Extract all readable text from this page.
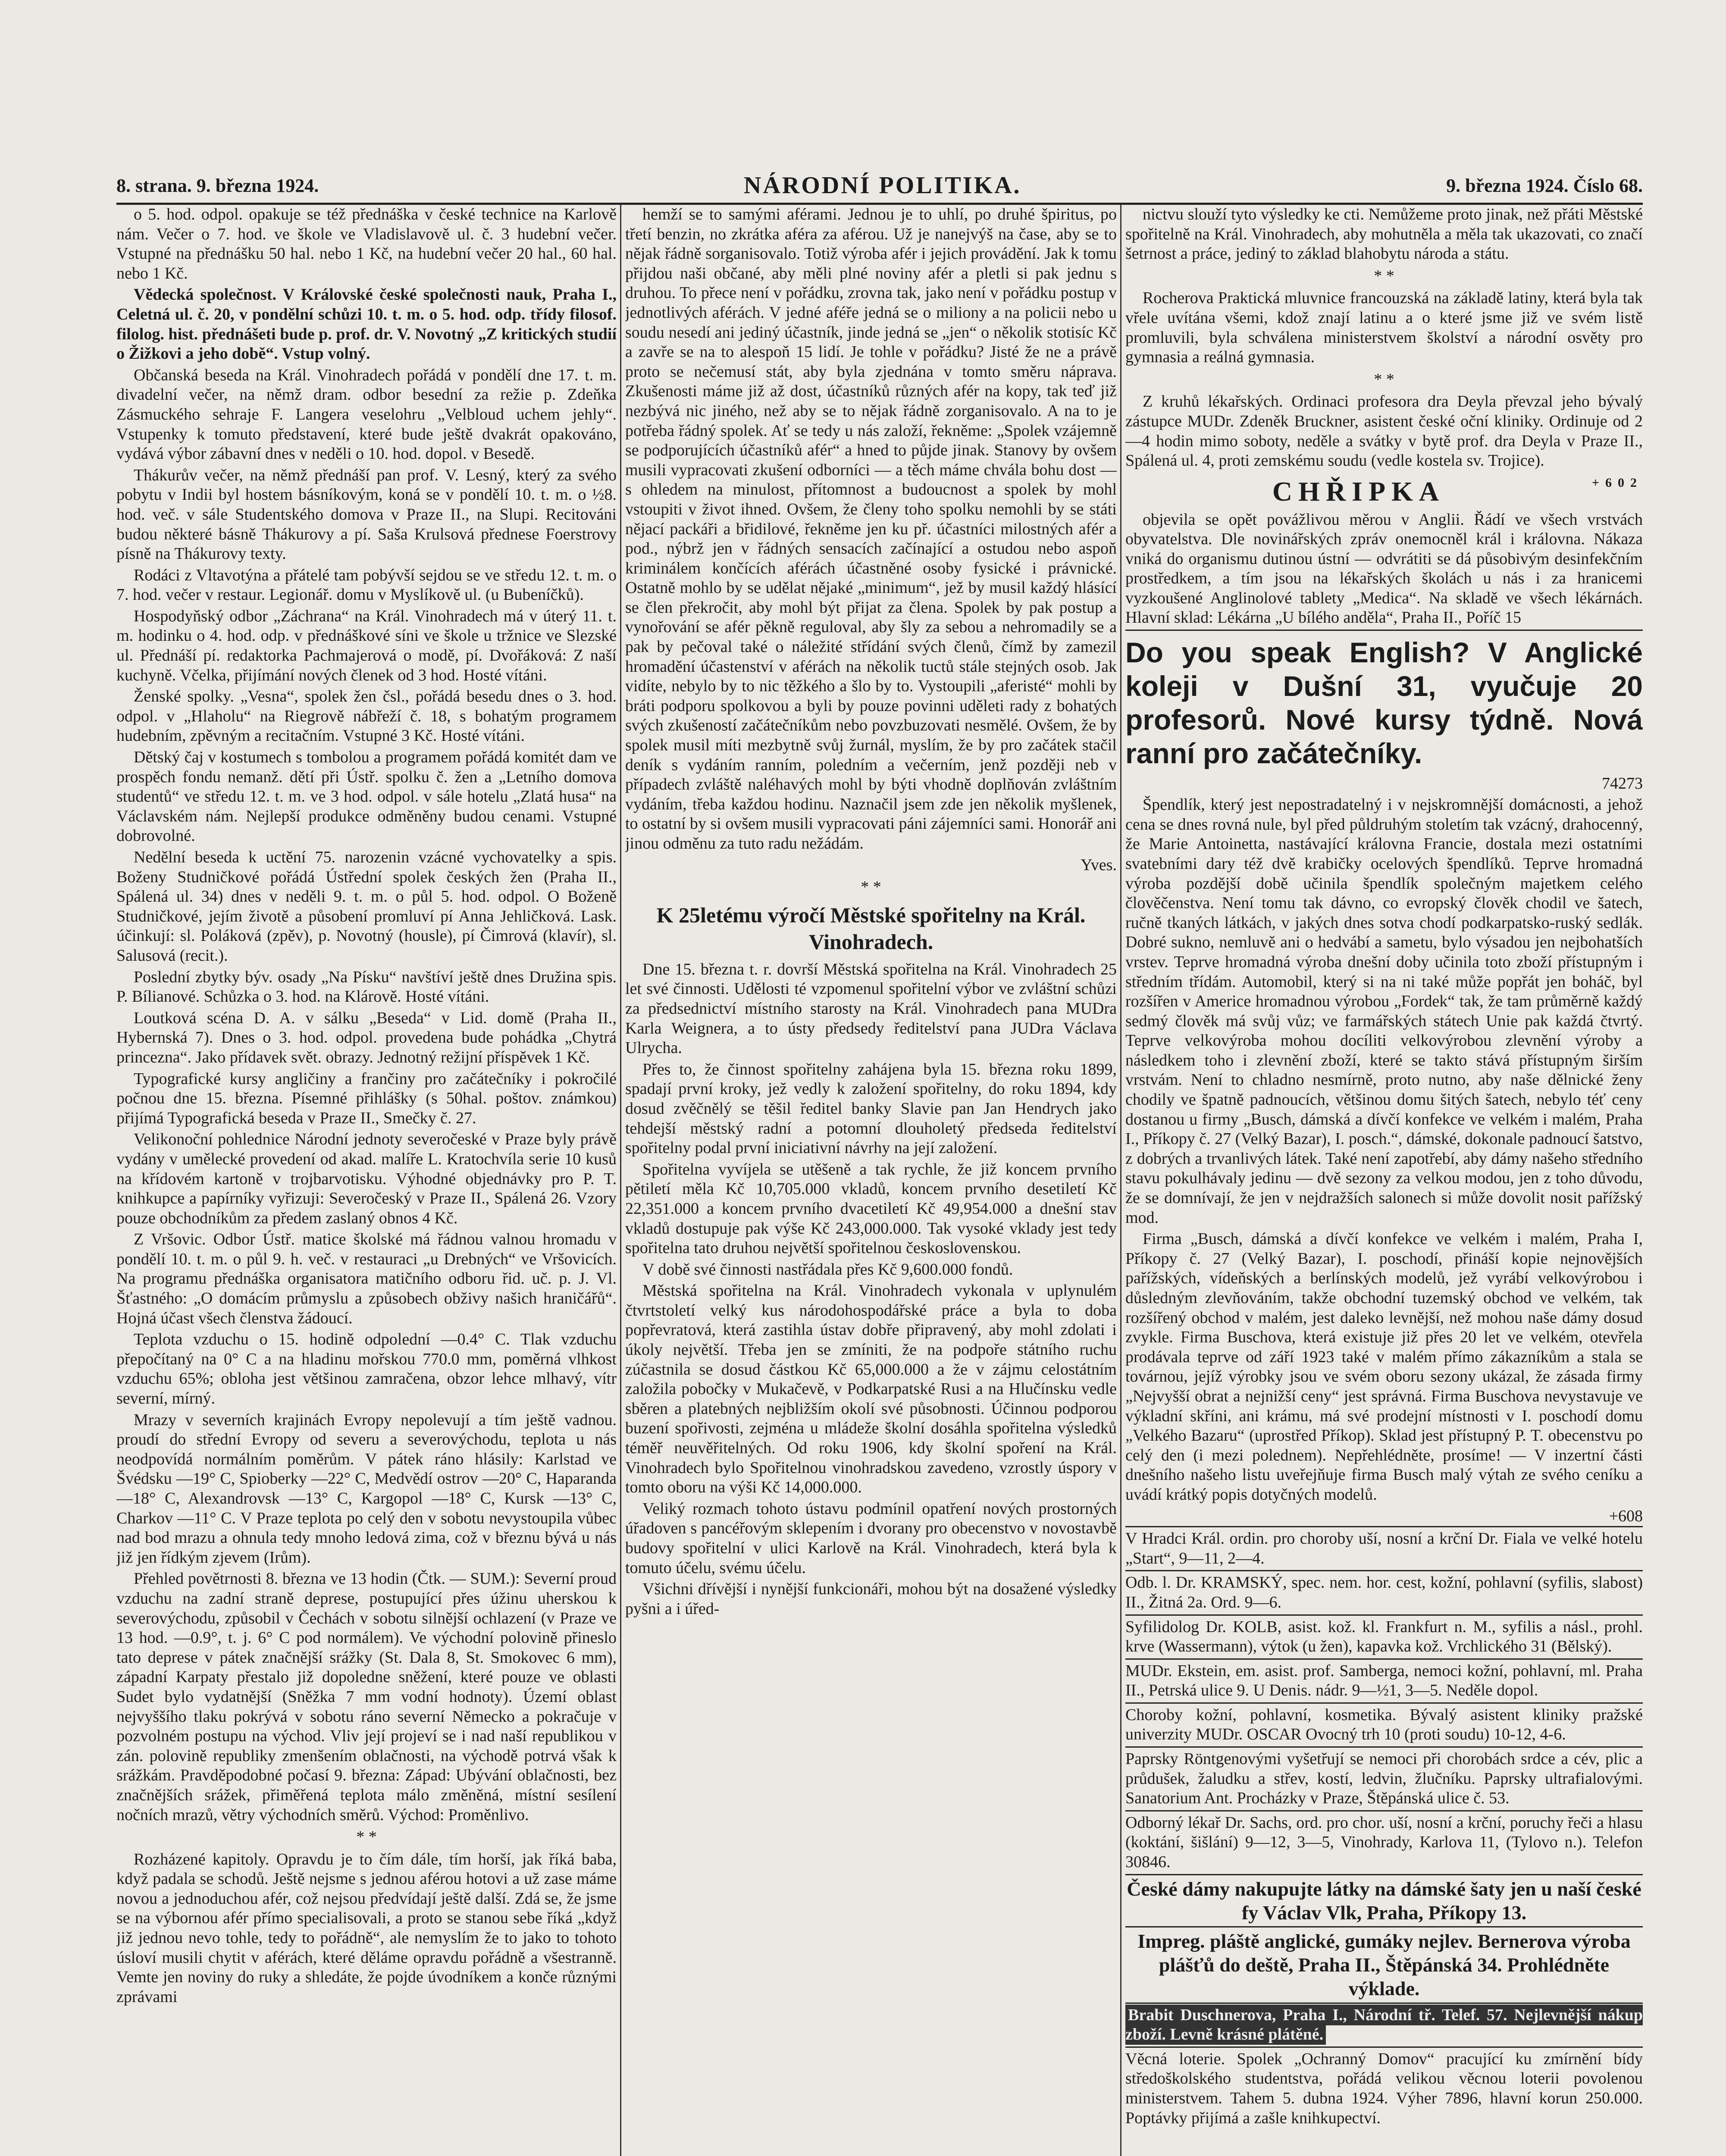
8. strana. 9. března 1924.	NÁRODNÍ POLITIKA.	9. března 1924. Číslo 68.

o 5. hod. odpol. opakuje se též přednáška v české technice na Karlově nám. Večer o 7. hod. ve škole ve Vladislavově ul. č. 3 hudební večer. Vstupné na přednášku 50 hal. nebo 1 Kč, na hudební večer 20 hal., 60 hal. nebo 1 Kč.

Vědecká společnost. V Královské české společnosti nauk, Praha I., Celetná ul. č. 20, v pondělní schůzi 10. t. m. o 5. hod. odp. třídy filosof. filolog. hist. přednášeti bude p. prof. dr. V. Novotný „Z kritických studií o Žižkovi a jeho době“. Vstup volný.

Občanská beseda na Král. Vinohradech pořádá v pondělí dne 17. t. m. divadelní večer, na němž dram. odbor besední za režie p. Zdeňka Zásmuckého sehraje F. Langera veselohru „Velbloud uchem jehly“. Vstupenky k tomuto představení, které bude ještě dvakrát opakováno, vydává výbor zábavní dnes v neděli o 10. hod. dopol. v Besedě.

Thákurův večer, na němž přednáší pan prof. V. Lesný, který za svého pobytu v Indii byl hostem básníkovým, koná se v pondělí 10. t. m. o ½8. hod. več. v sále Studentského domova v Praze II., na Slupi. Recitováni budou některé básně Thákurovy a pí. Saša Krulsová přednese Foerstrovy písně na Thákurovy texty.

Rodáci z Vltavotýna a přátelé tam pobývší sejdou se ve středu 12. t. m. o 7. hod. večer v restaur. Legionář. domu v Myslíkově ul. (u Bubeníčků).

Hospodyňský odbor „Záchrana“ na Král. Vinohradech má v úterý 11. t. m. hodinku o 4. hod. odp. v přednáškové síni ve škole u tržnice ve Slezské ul. Přednáší pí. redaktorka Pachmajerová o modě, pí. Dvořáková: Z naší kuchyně. Včelka, přijímání nových členek od 3 hod. Hosté vítáni.

Ženské spolky. „Vesna“, spolek žen čsl., pořádá besedu dnes o 3. hod. odpol. v „Hlaholu“ na Riegrově nábřeží č. 18, s bohatým programem hudebním, zpěvným a recitačním. Vstupné 3 Kč. Hosté vítáni.

Dětský čaj v kostumech s tombolou a programem pořádá komitét dam ve prospěch fondu nemanž. dětí při Ústř. spolku č. žen a „Letního domova studentů“ ve středu 12. t. m. ve 3 hod. odpol. v sále hotelu „Zlatá husa“ na Václavském nám. Nejlepší produkce odměněny budou cenami. Vstupné dobrovolné.

Nedělní beseda k uctění 75. narozenin vzácné vychovatelky a spis. Boženy Studničkové pořádá Ústřední spolek českých žen (Praha II., Spálená ul. 34) dnes v neděli 9. t. m. o půl 5. hod. odpol. O Boženě Studničkové, jejím životě a působení promluví pí Anna Jehličková. Lask. účinkují: sl. Poláková (zpěv), p. Novotný (housle), pí Čimrová (klavír), sl. Salusová (recit.).

Poslední zbytky býv. osady „Na Písku“ navštíví ještě dnes Družina spis. P. Bílianové. Schůzka o 3. hod. na Klárově. Hosté vítáni.

Loutková scéna D. A. v sálku „Beseda“ v Lid. domě (Praha II., Hybernská 7). Dnes o 3. hod. odpol. provedena bude pohádka „Chytrá princezna“. Jako přídavek svět. obrazy. Jednotný režijní příspěvek 1 Kč.

Typografické kursy angličiny a frančiny pro začátečníky i pokročilé počnou dne 15. března. Písemné přihlášky (s 50hal. poštov. známkou) přijímá Typografická beseda v Praze II., Smečky č. 27.

Velikonoční pohlednice Národní jednoty severočeské v Praze byly právě vydány v umělecké provedení od akad. malíře L. Kratochvíla serie 10 kusů na křídovém kartoně v trojbarvotisku. Výhodné objednávky pro P. T. knihkupce a papírníky vyřizuji: Severočeský v Praze II., Spálená 26. Vzory pouze obchodníkům za předem zaslaný obnos 4 Kč.

Z Vršovic. Odbor Ústř. matice školské má řádnou valnou hromadu v pondělí 10. t. m. o půl 9. h. več. v restauraci „u Drebných“ ve Vršovicích. Na programu přednáška organisatora matičního odboru řid. uč. p. J. Vl. Šťastného: „O domácím průmyslu a způsobech obživy našich hraničářů“. Hojná účast všech členstva žádoucí.

Teplota vzduchu o 15. hodině odpolední —0.4° C. Tlak vzduchu přepočítaný na 0° C a na hladinu mořskou 770.0 mm, poměrná vlhkost vzduchu 65%; obloha jest většinou zamračena, obzor lehce mlhavý, vítr severní, mírný.

Mrazy v severních krajinách Evropy nepolevují a tím ještě vadnou. proudí do střední Evropy od severu a severovýchodu, teplota u nás neodpovídá normálním poměrům. V pátek ráno hlásily: Karlstad ve Švédsku —19° C, Spioberky —22° C, Medvědí ostrov —20° C, Haparanda —18° C, Alexandrovsk —13° C, Kargopol —18° C, Kursk —13° C, Charkov —11° C. V Praze teplota po celý den v sobotu nevystoupila vůbec nad bod mrazu a ohnula tedy mnoho ledová zima, což v březnu bývá u nás již jen řídkým zjevem (Irům).

Přehled povětrnosti 8. března ve 13 hodin (Čtk. — SUM.): Severní proud vzduchu na zadní straně deprese, postupující přes úžinu uherskou k severovýchodu, způsobil v Čechách v sobotu silnější ochlazení (v Praze ve 13 hod. —0.9°, t. j. 6° C pod normálem). Ve východní polovině přineslo tato deprese v pátek značnější srážky (St. Dala 8, St. Smokovec 6 mm), západní Karpaty přestalo již dopoledne sněžení, které pouze ve oblasti Sudet bylo vydatnější (Sněžka 7 mm vodní hodnoty). Území oblast nejvyššího tlaku pokrývá v sobotu ráno severní Německo a pokračuje v pozvolném postupu na východ. Vliv její projeví se i nad naší republikou v zán. polovině republiky zmenšením oblačnosti, na východě potrvá však k srážkám. Pravděpodobné počasí 9. března: Západ: Ubývání oblačnosti, bez značnějších srážek, přiměřená teplota málo změněná, místní sesílení nočních mrazů, větry východních směrů. Východ: Proměnlivo.

* *

Rozházené kapitoly. Opravdu je to čím dále, tím horší, jak říká baba, když padala se schodů. Ještě nejsme s jednou aférou hotovi a už zase máme novou a jednoduchou afér, což nejsou předvídají ještě další. Zdá se, že jsme se na výbornou afér přímo specialisovali, a proto se stanou sebe říká „když již jednou nevo tohle, tedy to pořádně“, ale nemyslím že to jako to tohoto úsloví musili chytit v aférách, které děláme opravdu pořádně a všestranně. Vemte jen noviny do ruky a shledáte, že pojde úvodníkem a konče různými zprávami

hemží se to samými aférami. Jednou je to uhlí, po druhé špiritus, po třetí benzin, no zkrátka aféra za aférou. Už je nanejvýš na čase, aby se to nějak řádně sorganisovalo. Totiž výroba afér i jejich provádění. Jak k tomu přijdou naši občané, aby měli plné noviny afér a pletli si pak jednu s druhou. To přece není v pořádku, zrovna tak, jako není v pořádku postup v jednotlivých aférách. V jedné aféře jedná se o miliony a na policii nebo u soudu nesedí ani jediný účastník, jinde jedná se „jen“ o několik stotisíc Kč a zavře se na to alespoň 15 lidí. Je tohle v pořádku? Jisté že ne a právě proto se nečemusí stát, aby byla zjednána v tomto směru náprava. Zkušenosti máme již až dost, účastníků různých afér na kopy, tak teď již nezbývá nic jiného, než aby se to nějak řádně zorganisovalo. A na to je potřeba řádný spolek. Ať se tedy u nás založí, řekněme: „Spolek vzájemně se podporujících účastníků afér“ a hned to půjde jinak. Stanovy by ovšem musili vypracovati zkušení odborníci — a těch máme chvála bohu dost — s ohledem na minulost, přítomnost a budoucnost a spolek by mohl vstoupiti v život ihned. Ovšem, že členy toho spolku nemohli by se státi nějací packáři a břidilové, řekněme jen ku př. účastníci milostných afér a pod., nýbrž jen v řádných sensacích začínající a ostudou nebo aspoň kriminálem končících aférách účastněné osoby fysické i právnické. Ostatně mohlo by se udělat nějaké „minimum“, jež by musil každý hlásící se člen překročit, aby mohl být přijat za člena. Spolek by pak postup a vynořování se afér pěkně reguloval, aby šly za sebou a nehromadily se a pak by pečoval také o náležité střídání svých členů, čímž by zamezil hromadění účastenství v aférách na několik tuctů stále stejných osob. Jak vidíte, nebylo by to nic těžkého a šlo by to. Vystoupili „aferisté“ mohli by bráti podporu spolkovou a byli by pouze povinni uděleti rady z bohatých svých zkušeností začátečníkům nebo povzbuzovati nesmělé. Ovšem, že by spolek musil míti mezbytně svůj žurnál, myslím, že by pro začátek stačil deník s vydáním ranním, poledním a večerním, jenž později neb v případech zvláště naléhavých mohl by býti vhodně doplňován zvláštním vydáním, třeba každou hodinu. Naznačil jsem zde jen několik myšlenek, to ostatní by si ovšem musili vypracovati páni zájemníci sami. Honorář ani jinou odměnu za tuto radu nežádám.

Yves.
* *
K 25letému výročí Městské spořitelny na Král. Vinohradech.

Dne 15. března t. r. dovrší Městská spořitelna na Král. Vinohradech 25 let své činnosti. Udělosti té vzpomenul spořitelní výbor ve zvláštní schůzi za předsednictví místního starosty na Král. Vinohradech pana MUDra Karla Weignera, a to ústy předsedy ředitelství pana JUDra Václava Ulrycha.

Přes to, že činnost spořitelny zahájena byla 15. března roku 1899, spadají první kroky, jež vedly k založení spořitelny, do roku 1894, kdy dosud zvěčnělý se těšil ředitel banky Slavie pan Jan Hendrych jako tehdejší městský radní a potomní dlouholetý předseda ředitelství spořitelny podal první iniciativní návrhy na její založení.

Spořitelna vyvíjela se utěšeně a tak rychle, že již koncem prvního pětiletí měla Kč 10,705.000 vkladů, koncem prvního desetiletí Kč 22,351.000 a koncem prvního dvacetiletí Kč 49,954.000 a dnešní stav vkladů dostupuje pak výše Kč 243,000.000. Tak vysoké vklady jest tedy spořitelna tato druhou největší spořitelnou československou.

V době své činnosti nastřádala přes Kč 9,600.000 fondů.

Městská spořitelna na Král. Vinohradech vykonala v uplynulém čtvrtstoletí velký kus národohospodářské práce a byla to doba popřevratová, která zastihla ústav dobře připravený, aby mohl zdolati i úkoly největší. Třeba jen se zmíniti, že na podpoře státního ruchu zúčastnila se dosud částkou Kč 65,000.000 a že v zájmu celostátním založila pobočky v Mukačevě, v Podkarpatské Rusi a na Hlučínsku vedle sběren a platebných nejbližším okolí své působnosti. Účinnou podporou buzení spořivosti, zejména u mládeže školní dosáhla spořitelna výsledků téměř neuvěřitelných. Od roku 1906, kdy školní spoření na Král. Vinohradech bylo Spořitelnou vinohradskou zavedeno, vzrostly úspory v tomto oboru na výši Kč 14,000.000.

Veliký rozmach tohoto ústavu podmínil opatření nových prostorných úřadoven s pancéřovým sklepením i dvorany pro obecenstvo v novostavbě budovy spořitelní v ulici Karlově na Král. Vinohradech, která byla k tomuto účelu, svému účelu.

Všichni dřívější i nynější funkcionáři, mohou být na dosažené výsledky pyšni a i úřed-

nictvu slouží tyto výsledky ke cti. Nemůžeme proto jinak, než přáti Městské spořitelně na Král. Vinohradech, aby mohutněla a měla tak ukazovati, co značí šetrnost a práce, jediný to základ blahobytu národa a státu.

* *

Rocherova Praktická mluvnice francouzská na základě latiny, která byla tak vřele uvítána všemi, kdož znají latinu a o které jsme již ve svém listě promluvili, byla schválena ministerstvem školství a národní osvěty pro gymnasia a reálná gymnasia.

* *

Z kruhů lékařských. Ordinaci profesora dra Deyla převzal jeho bývalý zástupce MUDr. Zdeněk Bruckner, asistent české oční kliniky. Ordinuje od 2—4 hodin mimo soboty, neděle a svátky v bytě prof. dra Deyla v Praze II., Spálená ul. 4, proti zemskému soudu (vedle kostela sv. Trojice).

CHŘIPKA	+602

objevila se opět povážlivou měrou v Anglii. Řádí ve všech vrstvách obyvatelstva. Dle novinářských zpráv onemocněl král i královna. Nákaza vniká do organismu dutinou ústní — odvrátiti se dá působivým desinfekčním prostředkem, a tím jsou na lékařských školách u nás i za hranicemi vyzkoušené Anglinolové tablety „Medica“. Na skladě ve všech lékárnách. Hlavní sklad: Lékárna „U bílého anděla“, Praha II., Poříč 15

Do you speak English? V Anglické koleji v Dušní 31, vyučuje 20 profesorů. Nové kursy týdně. Nová ranní pro začátečníky.
74273

Špendlík, který jest nepostradatelný i v nejskromnější domácnosti, a jehož cena se dnes rovná nule, byl před půldruhým stoletím tak vzácný, drahocenný, že Marie Antoinetta, nastávající královna Francie, dostala mezi ostatními svatebními dary též dvě krabičky ocelových špendlíků. Teprve hromadná výroba pozdější době učinila špendlík společným majetkem celého člověčenstva. Není tomu tak dávno, co evropský člověk chodil ve šatech, ručně tkaných látkách, v jakých dnes sotva chodí podkarpatsko-ruský sedlák. Dobré sukno, nemluvě ani o hedvábí a sametu, bylo výsadou jen nejbohatších vrstev. Teprve hromadná výroba dnešní doby učinila toto zboží přístupným i středním třídám. Automobil, který si na ni také může popřát jen boháč, byl rozšířen v Americe hromadnou výrobou „Fordek“ tak, že tam průměrně každý sedmý člověk má svůj vůz; ve farmářských státech Unie pak každá čtvrtý. Teprve velkovýroba mohou docíliti velkovýrobou zlevnění výroby a následkem toho i zlevnění zboží, které se takto stává přístupným širším vrstvám. Není to chladno nesmírně, proto nutno, aby naše dělnické ženy chodily ve špatně padnoucích, většinou domu šitých šatech, nebylo téť ceny dostanou u firmy „Busch, dámská a dívčí konfekce ve velkém i malém, Praha I., Příkopy č. 27 (Velký Bazar), I. posch.“, dámské, dokonale padnoucí šatstvo, z dobrých a trvanlivých látek. Také není zapotřebí, aby dámy našeho středního stavu pokulhávaly jedinu — dvě sezony za velkou modou, jen z toho důvodu, že se domnívají, že jen v nejdražších salonech si může dovolit nosit pařížský mod.

Firma „Busch, dámská a dívčí konfekce ve velkém i malém, Praha I, Příkopy č. 27 (Velký Bazar), I. poschodí, přináší kopie nejnovějších pařížských, vídeňských a berlínských modelů, jež vyrábí velkovýrobou i důsledným zlevňováním, takže obchodní tuzemský obchod ve velkém, tak rozšířený obchod v malém, jest daleko levnější, než mohou naše dámy dosud zvykle. Firma Buschova, která existuje již přes 20 let ve velkém, otevřela prodávala teprve od září 1923 také v malém přímo zákazníkům a stala se továrnou, jejíž výrobky jsou ve svém oboru sezony ukázal, že zásada firmy „Nejvyšší obrat a nejnižší ceny“ jest správná. Firma Buschova nevystavuje ve výkladní skříni, ani krámu, má své prodejní místnosti v I. poschodí domu „Velkého Bazaru“ (uprostřed Příkop). Sklad jest přístupný P. T. obecenstvu po celý den (i mezi polednem). Nepřehlédněte, prosíme! — V inzertní části dnešního našeho listu uveřejňuje firma Busch malý výtah ze svého ceníku a uvádí krátký popis dotyčných modelů.

+608
V Hradci Král. ordin. pro choroby uší, nosní a krční Dr. Fiala ve velké hotelu „Start“, 9—11, 2—4.
Odb. l. Dr. KRAMSKÝ, spec. nem. hor. cest, kožní, pohlavní (syfilis, slabost) II., Žitná 2a. Ord. 9—6.
Syfilidolog Dr. KOLB, asist. kož. kl. Frankfurt n. M., syfilis a násl., prohl. krve (Wassermann), výtok (u žen), kapavka kož. Vrchlického 31 (Bělský).
MUDr. Ekstein, em. asist. prof. Samberga, nemoci kožní, pohlavní, ml. Praha II., Petrská ulice 9. U Denis. nádr. 9—½1, 3—5. Neděle dopol.
Choroby kožní, pohlavní, kosmetika. Bývalý asistent kliniky pražské univerzity MUDr. OSCAR Ovocný trh 10 (proti soudu) 10-12, 4-6.
Paprsky Röntgenovými vyšetřují se nemoci při chorobách srdce a cév, plic a průdušek, žaludku a střev, kostí, ledvin, žlučníku. Paprsky ultrafialovými. Sanatorium Ant. Procházky v Praze, Štěpánská ulice č. 53.
Odborný lékař Dr. Sachs, ord. pro chor. uší, nosní a krční, poruchy řeči a hlasu (koktání, šišlání) 9—12, 3—5, Vinohrady, Karlova 11, (Tylovo n.). Telefon 30846.
České dámy nakupujte látky na dámské šaty jen u naší české fy Václav Vlk, Praha, Příkopy 13.
Impreg. pláště anglické, gumáky nejlev. Bernerova výroba plášťů do deště, Praha II., Štěpánská 34. Prohlédněte výklade.
Brabit Duschnerova, Praha I., Národní tř. Telef. 57. Nejlevnější nákup zboží. Levně krásné plátěné.
Věcná loterie. Spolek „Ochranný Domov“ pracující ku zmírnění bídy středoškolského studentstva, pořádá velikou věcnou loterii povolenou ministerstvem. Tahem 5. dubna 1924. Výher 7896, hlavní korun 250.000. Poptávky přijímá a zašle knihkupectví.
